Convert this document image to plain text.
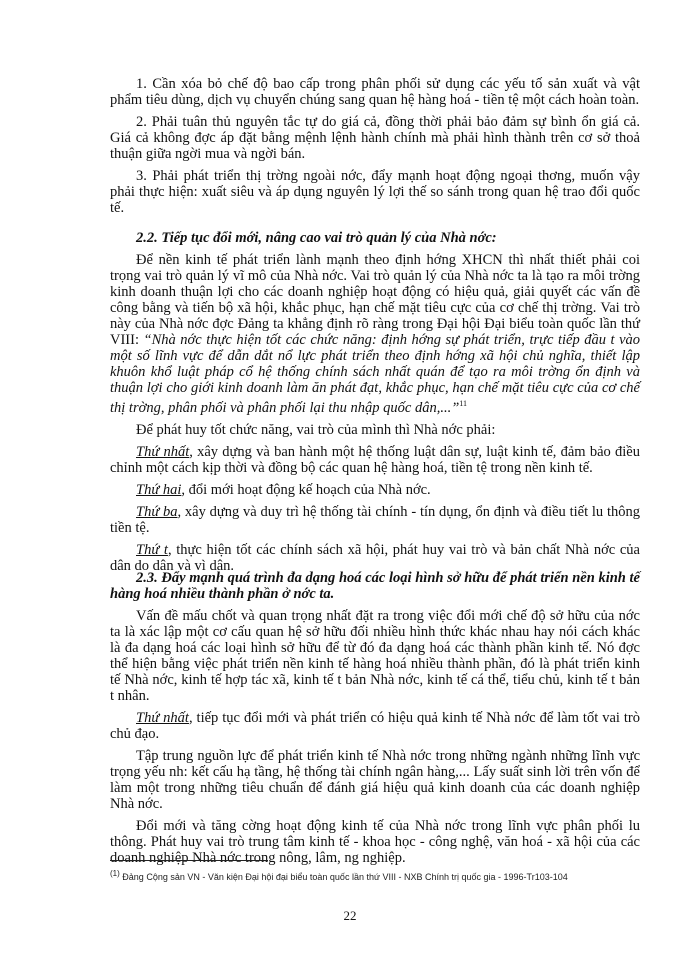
1. Cần xóa bỏ chế độ bao cấp trong phân phối sử dụng các yếu tố sản xuất và vật phẩm tiêu dùng, dịch vụ chuyển chúng sang quan hệ hàng hoá - tiền tệ một cách hoàn toàn.

2. Phải tuân thủ nguyên tắc tự do giá cả, đồng thời phải bảo đảm sự bình ổn giá cả. Giá cả không đợc áp đặt bằng mệnh lệnh hành chính mà phải hình thành trên cơ sở thoả thuận giữa ngời mua và ngời bán.

3. Phải phát triển thị trờng ngoài nớc, đẩy mạnh hoạt động ngoại thơng, muốn vậy phải thực hiện: xuất siêu và áp dụng nguyên lý lợi thế so sánh trong quan hệ trao đổi quốc tế.

2.2. Tiếp tục đổi mới, nâng cao vai trò quản lý của Nhà nớc:

Để nền kinh tế phát triển lành mạnh theo định hớng XHCN thì nhất thiết phải coi trọng vai trò quản lý vĩ mô của Nhà nớc. Vai trò quản lý của Nhà nớc ta là tạo ra môi trờng kinh doanh thuận lợi cho các doanh nghiệp hoạt động có hiệu quả, giải quyết các vấn đề công bằng và tiến bộ xã hội, khắc phục, hạn chế mặt tiêu cực của cơ chế thị trờng. Vai trò này của Nhà nớc đợc Đảng ta khẳng định rõ ràng trong Đại hội Đại biểu toàn quốc lần thứ VIII: “Nhà nớc thực hiện tốt các chức năng: định hớng sự phát triển, trực tiếp đầu t vào một số lĩnh vực để dẫn dắt nổ lực phát triển theo định hớng xã hội chủ nghĩa, thiết lập khuôn khổ luật pháp cổ hệ thống chính sách nhất quán để tạo ra môi trờng ổn định và thuận lợi cho giới kinh doanh làm ăn phát đạt, khắc phục, hạn chế mặt tiêu cực của cơ chế thị trờng, phân phối và phân phối lại thu nhập quốc dân,...”$^{11}$

Để phát huy tốt chức năng, vai trò của mình thì Nhà nớc phải:

Thứ nhất, xây dựng và ban hành một hệ thống luật dân sự, luật kinh tế, đảm bảo điều chỉnh một cách kịp thời và đồng bộ các quan hệ hàng hoá, tiền tệ trong nền kinh tế.

Thứ hai, đổi mới hoạt động kế hoạch của Nhà nớc.

Thứ ba, xây dựng và duy trì hệ thống tài chính - tín dụng, ổn định và điều tiết lu thông tiền tệ.

Thứ t, thực hiện tốt các chính sách xã hội, phát huy vai trò và bản chất Nhà nớc của dân do dân và vì dân.

2.3. Đẩy mạnh quá trình đa dạng hoá các loại hình sở hữu để phát triển nền kinh tế hàng hoá nhiều thành phần ở nớc ta.

Vấn đề mấu chốt và quan trọng nhất đặt ra trong việc đổi mới chế độ sở hữu của nớc ta là xác lập một cơ cấu quan hệ sở hữu đối nhiều hình thức khác nhau hay nói cách khác là đa dạng hoá các loại hình sở hữu để từ đó đa dạng hoá các thành phần kinh tế. Nó đợc thể hiện bằng việc phát triển nền kinh tế hàng hoá nhiều thành phần, đó là phát triển kinh tế Nhà nớc, kinh tế hợp tác xã, kinh tế t bản Nhà nớc, kinh tế cá thể, tiểu chủ, kinh tế t bản t nhân.

Thứ nhất, tiếp tục đổi mới và phát triển có hiệu quả kinh tế Nhà nớc để làm tốt vai trò chủ đạo.

Tập trung nguồn lực để phát triển kinh tế Nhà nớc trong những ngành những lĩnh vực trọng yếu nh: kết cấu hạ tầng, hệ thống tài chính ngân hàng,... Lấy suất sinh lời trên vốn để làm một trong những tiêu chuẩn để đánh giá hiệu quả kinh doanh của các doanh nghiệp Nhà nớc.

Đổi mới và tăng cờng hoạt động kinh tế của Nhà nớc trong lĩnh vực phân phối lu thông. Phát huy vai trò trung tâm kinh tế - khoa học - công nghệ, văn hoá - xã hội của các doanh nghiệp Nhà nớc trong nông, lâm, ng nghiệp.

$^{(1)}$ Đảng Cộng sản VN - Văn kiện Đại hội đại biểu toàn quốc lần thứ VIII - NXB Chính trị quốc gia - 1996-Tr103-104
22
